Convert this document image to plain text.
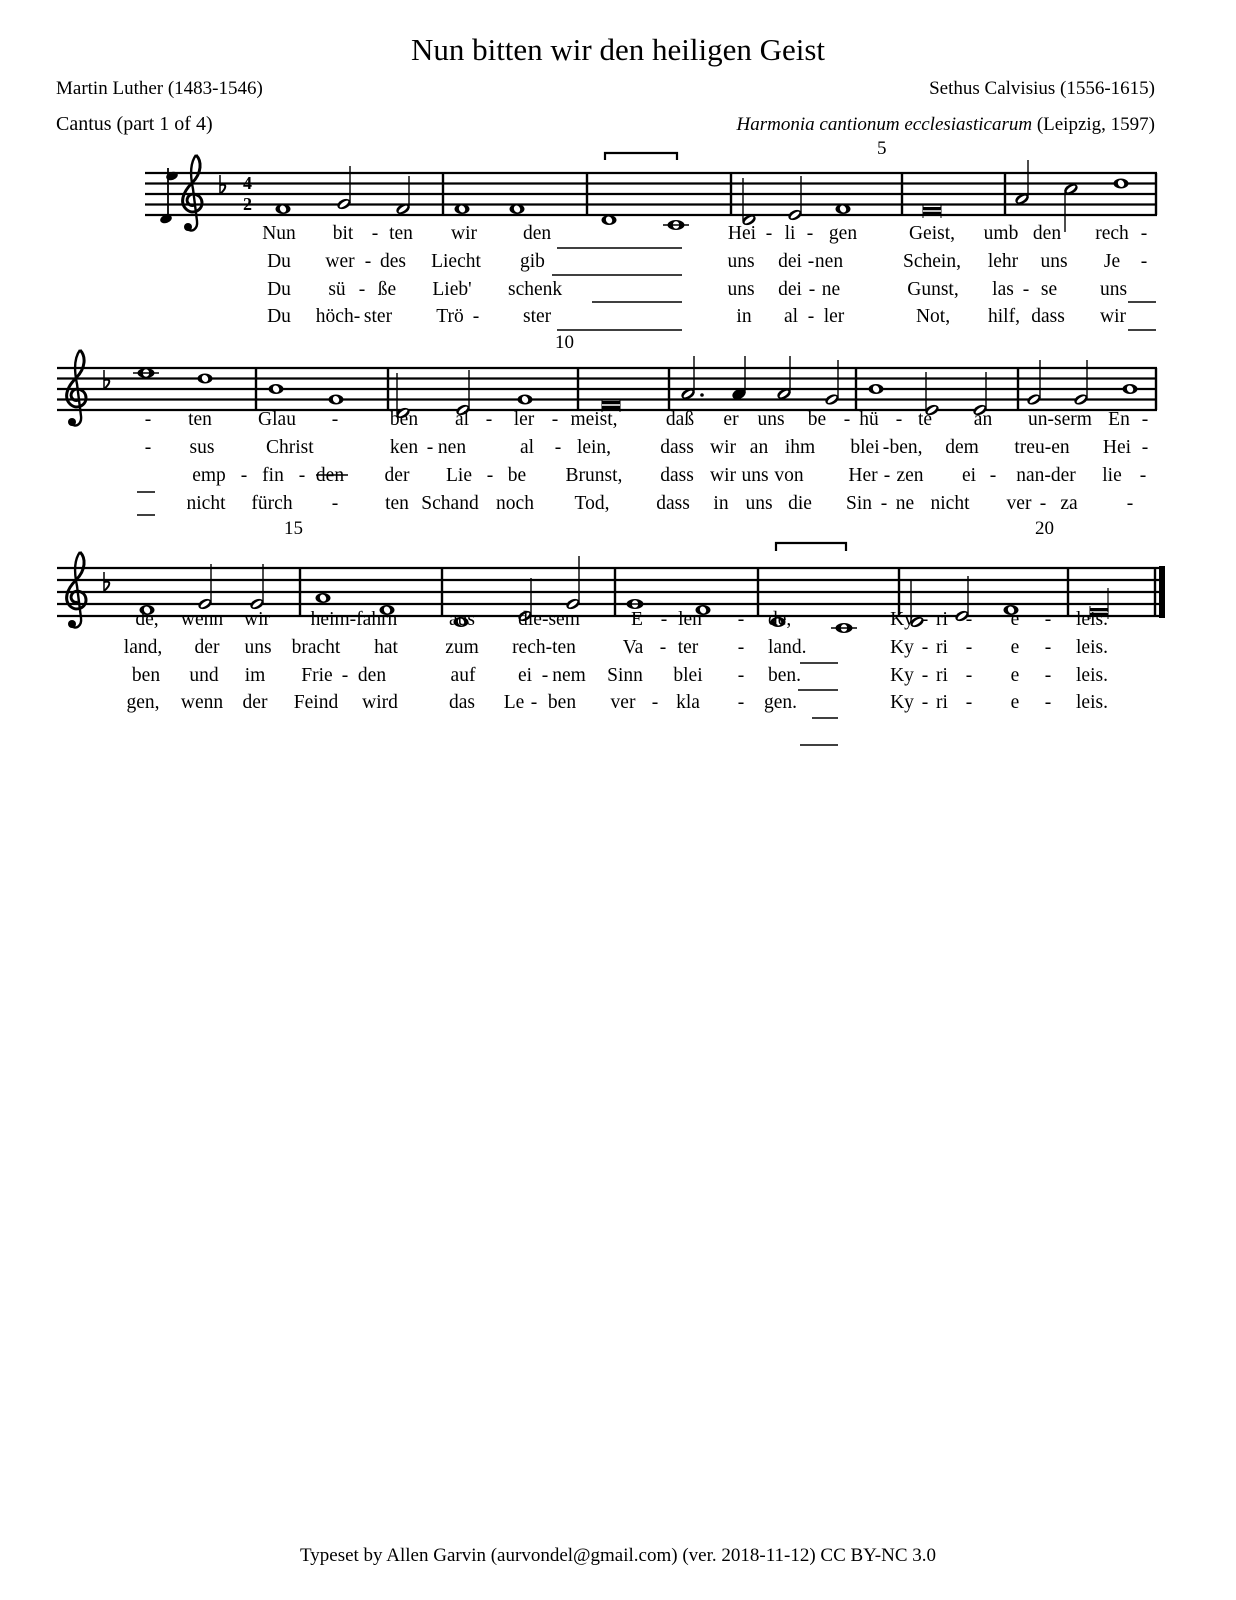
Nun bitten wir den heiligen Geist
Martin Luther (1483-1546)	Sethus Calvisius (1556-1615)
Cantus (part 1 of 4)	Harmonia cantionum ecclesiasticarum (Leipzig, 1597)
5
10
15	20
4
2
Nun bit - ten wir den	Hei - li - gen	Geist, umb den rech -
Du wer - des Liecht gib	uns dei - nen	Schein, lehr uns Je -
Du sü - ße Lieb' schenk	uns dei - ne	Gunst, las - se uns
Du höch- ster Trö - ster	in al - ler	Not, hilf, dass wir
- ten Glau -	ben al - ler - meist, daß er uns be - hü - te an un-serm En -
- sus	Christ	ken - nen	al - lein,	dass wir an ihm blei - ben, dem treu-en Hei -
emp - fin - den der Lie - be Brunst, dass wir uns von Her - zen ei - nan-der lie -
nicht fürch - ten Schand noch Tod, dass in uns die Sin - ne nicht ver - za	-
de, wenn wir heim-fahrn	aus die-sem	E - len - de,	Ky - ri - e - leis.
land, der uns bracht hat zum rech-ten Va - ter - land.	Ky - ri - e - leis.
ben und im Frie - den	auf ei - nem Sinn blei - ben.	Ky - ri - e - leis.
gen, wenn der Feind wird	das Le - ben ver - kla - gen.	Ky - ri - e - leis.
Typeset by Allen Garvin (aurvondel@gmail.com) (ver. 2018-11-12) CC BY-NC 3.0
